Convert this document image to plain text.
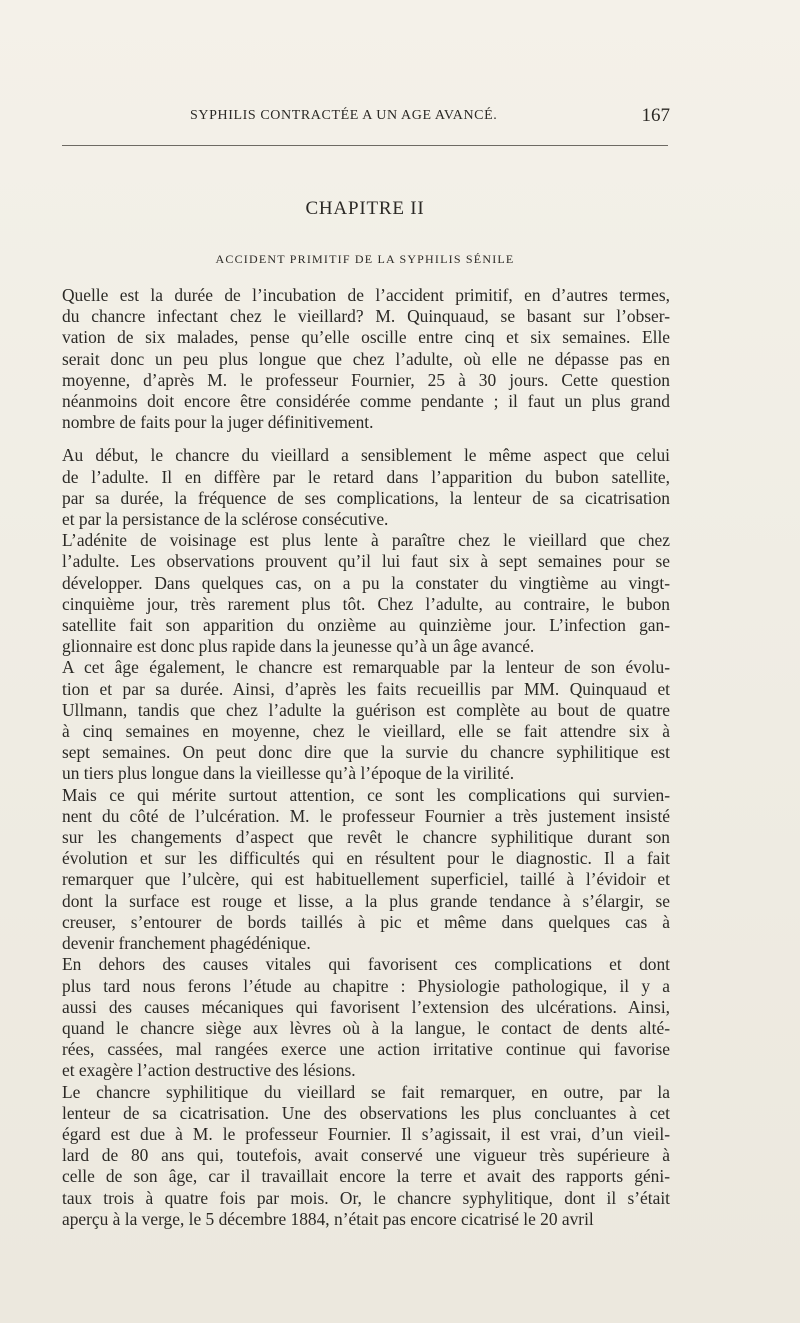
SYPHILIS CONTRACTÉE A UN AGE AVANCÉ.	167
CHAPITRE II
ACCIDENT PRIMITIF DE LA SYPHILIS SÉNILE

Quelle est la durée de l’incubation de l’accident primitif, en d’autres termes,
du chancre infectant chez le vieillard? M. Quinquaud, se basant sur l’obser-
vation de six malades, pense qu’elle oscille entre cinq et six semaines. Elle
serait donc un peu plus longue que chez l’adulte, où elle ne dépasse pas en
moyenne, d’après M. le professeur Fournier, 25 à 30 jours. Cette question
néanmoins doit encore être considérée comme pendante ; il faut un plus grand
nombre de faits pour la juger définitivement.

Au début, le chancre du vieillard a sensiblement le même aspect que celui
de l’adulte. Il en diffère par le retard dans l’apparition du bubon satellite,
par sa durée, la fréquence de ses complications, la lenteur de sa cicatrisation
et par la persistance de la sclérose consécutive.

L’adénite de voisinage est plus lente à paraître chez le vieillard que chez
l’adulte. Les observations prouvent qu’il lui faut six à sept semaines pour se
développer. Dans quelques cas, on a pu la constater du vingtième au vingt-
cinquième jour, très rarement plus tôt. Chez l’adulte, au contraire, le bubon
satellite fait son apparition du onzième au quinzième jour. L’infection gan-
glionnaire est donc plus rapide dans la jeunesse qu’à un âge avancé.

A cet âge également, le chancre est remarquable par la lenteur de son évolu-
tion et par sa durée. Ainsi, d’après les faits recueillis par MM. Quinquaud et
Ullmann, tandis que chez l’adulte la guérison est complète au bout de quatre
à cinq semaines en moyenne, chez le vieillard, elle se fait attendre six à
sept semaines. On peut donc dire que la survie du chancre syphilitique est
un tiers plus longue dans la vieillesse qu’à l’époque de la virilité.

Mais ce qui mérite surtout attention, ce sont les complications qui survien-
nent du côté de l’ulcération. M. le professeur Fournier a très justement insisté
sur les changements d’aspect que revêt le chancre syphilitique durant son
évolution et sur les difficultés qui en résultent pour le diagnostic. Il a fait
remarquer que l’ulcère, qui est habituellement superficiel, taillé à l’évidoir et
dont la surface est rouge et lisse, a la plus grande tendance à s’élargir, se
creuser, s’entourer de bords taillés à pic et même dans quelques cas à
devenir franchement phagédénique.

En dehors des causes vitales qui favorisent ces complications et dont
plus tard nous ferons l’étude au chapitre : Physiologie pathologique, il y a
aussi des causes mécaniques qui favorisent l’extension des ulcérations. Ainsi,
quand le chancre siège aux lèvres où à la langue, le contact de dents alté-
rées, cassées, mal rangées exerce une action irritative continue qui favorise
et exagère l’action destructive des lésions.

Le chancre syphilitique du vieillard se fait remarquer, en outre, par la
lenteur de sa cicatrisation. Une des observations les plus concluantes à cet
égard est due à M. le professeur Fournier. Il s’agissait, il est vrai, d’un vieil-
lard de 80 ans qui, toutefois, avait conservé une vigueur très supérieure à
celle de son âge, car il travaillait encore la terre et avait des rapports géni-
taux trois à quatre fois par mois. Or, le chancre syphylitique, dont il s’était
aperçu à la verge, le 5 décembre 1884, n’était pas encore cicatrisé le 20 avril
